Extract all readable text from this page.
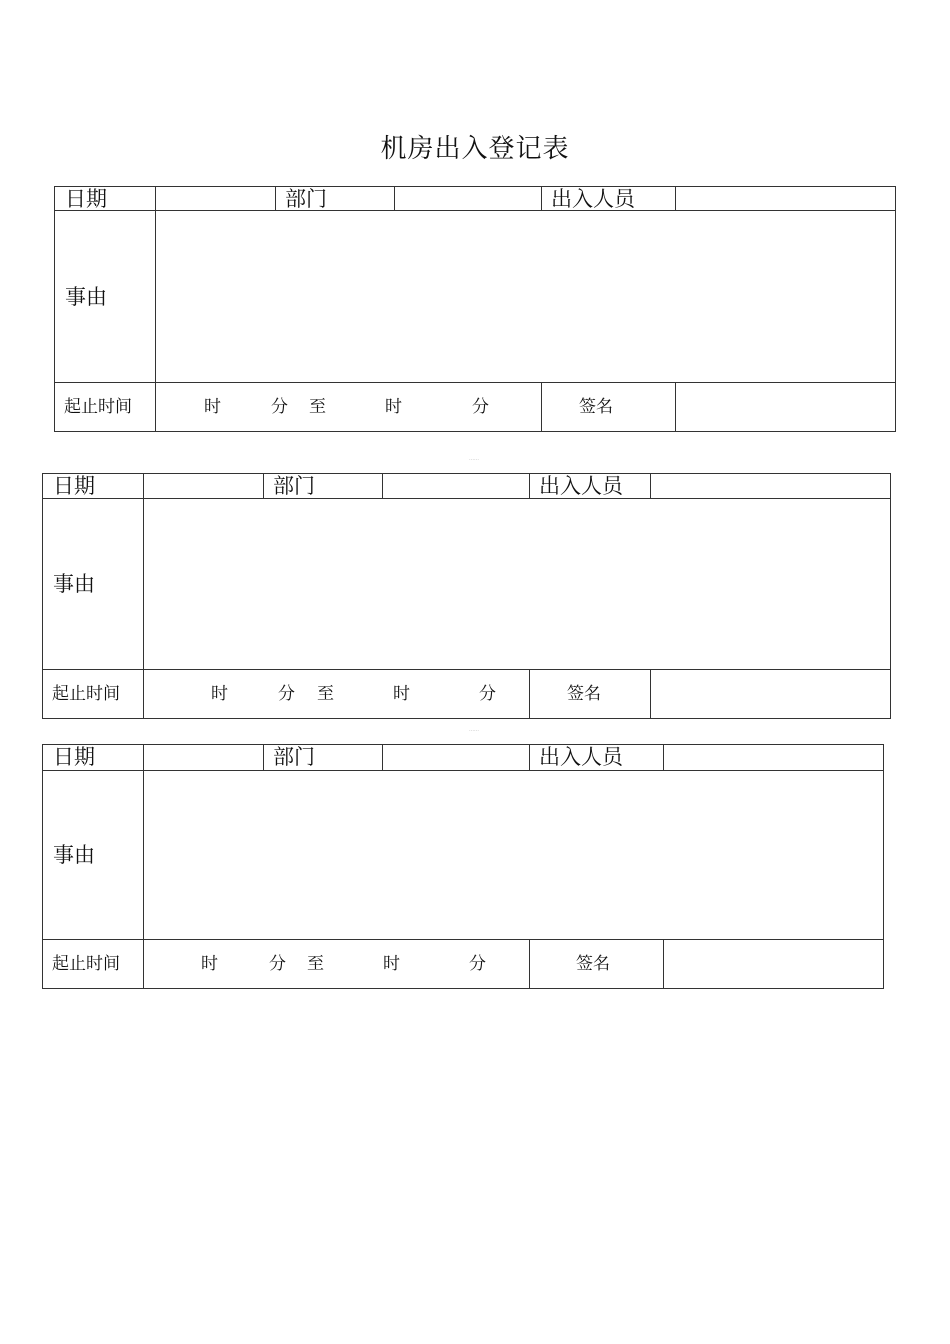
机房出入登记表
日期	部门	出入人员
事由
起止时间	时	分 至	时	分	签名
……
日期	部门	出入人员
事由
起止时间	时	分 至	时	分	签名
……
日期	部门	出入人员
事由
起止时间	时	分 至	时	分	签名
